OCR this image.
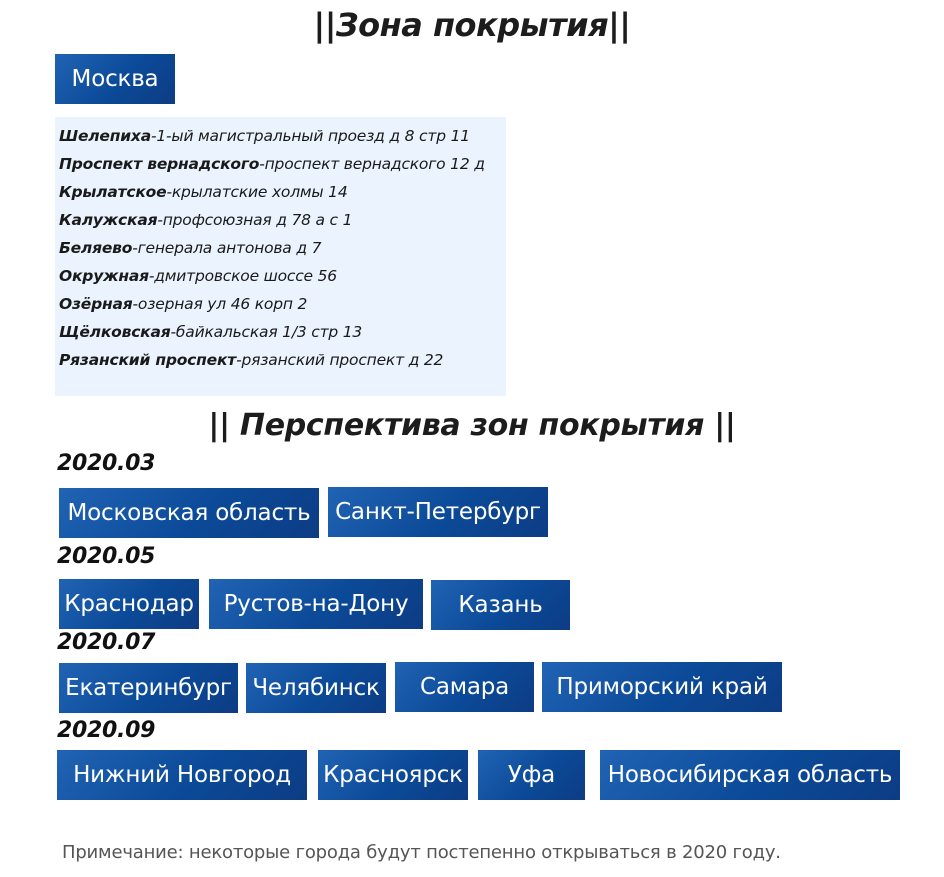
||Зона покрытия||
Москва
Шелепиха-1-ый магистральный проезд д 8 стр 11
Проспект вернадского-проспект вернадского 12 д
Крылатское-крылатские холмы 14
Калужская-профсоюзная д 78 а с 1
Беляево-генерала антонова д 7
Окружная-дмитровское шоссе 56
Озёрная-озерная ул 46 корп 2
Щёлковская-байкальская 1/3 стр 13
Рязанский проспект-рязанский проспект д 22
|| Перспектива зон покрытия ||
2020.03
Московская область	Санкт-Петербург
2020.05
Краснодар	Рустов-на-Дону	Казань
2020.07
Екатеринбург Челябинск	Самара	Приморский край
2020.09
Нижний Новгород	Красноярск	Уфа	Новосибирская область
Примечание: некоторые города будут постепенно открываться в 2020 году.
